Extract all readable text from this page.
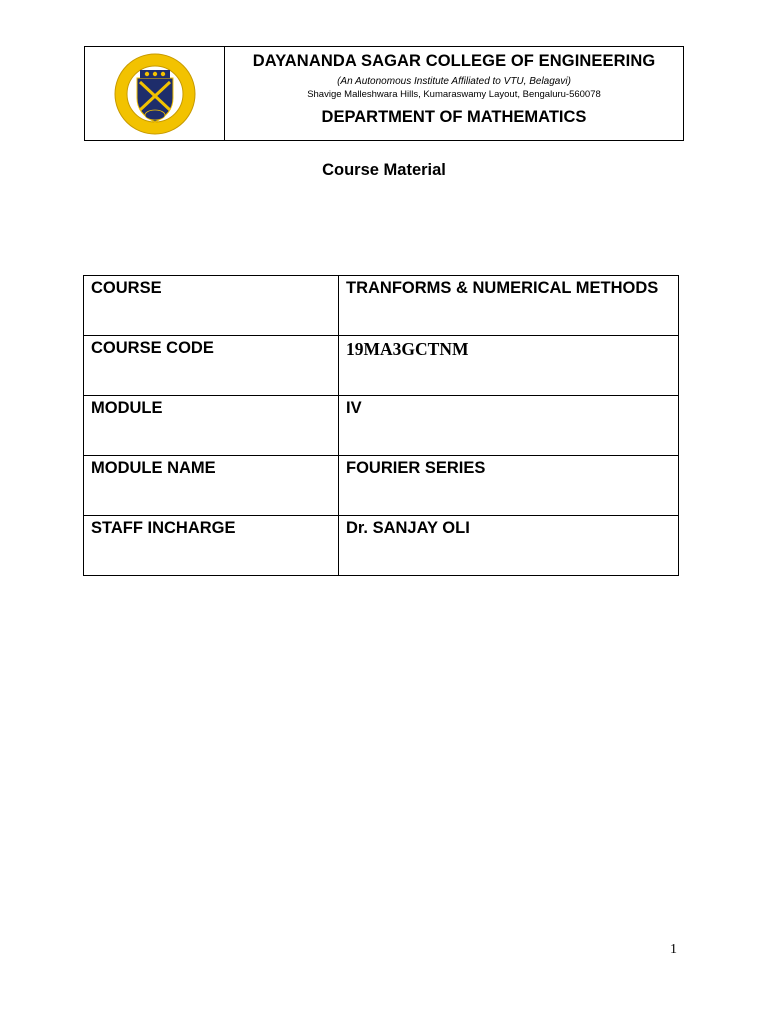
DAYANANDA SAGAR COLLEGE OF ENGINEERING
(An Autonomous Institute Affiliated to VTU, Belagavi)
Shavige Malleshwara Hills, Kumaraswamy Layout, Bengaluru-560078
DEPARTMENT OF MATHEMATICS
Course Material
COURSE	TRANFORMS & NUMERICAL METHODS
COURSE CODE	19MA3GCTNM
MODULE	IV
MODULE NAME	FOURIER SERIES
STAFF INCHARGE	Dr. SANJAY OLI
1
